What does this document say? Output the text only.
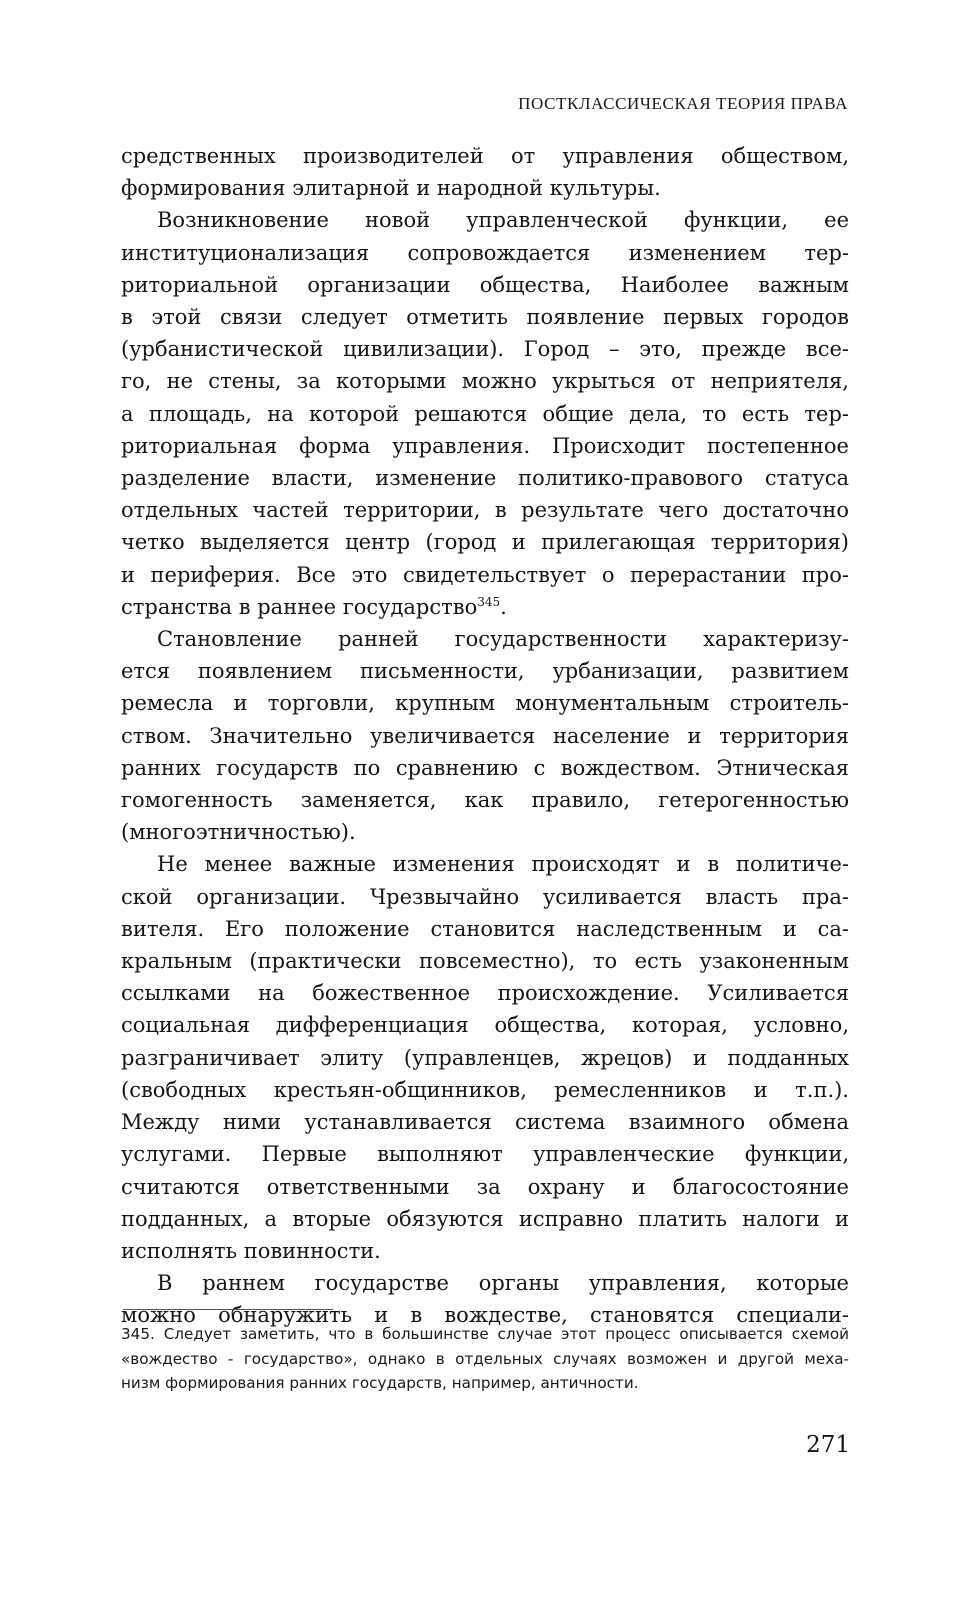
ПОСТКЛАССИЧЕСКАЯ ТЕОРИЯ ПРАВА
средственных производителей от управления обществом,
формирования элитарной и народной культуры.
Возникновение новой управленческой функции, ее
институционализация сопровождается изменением тер-
риториальной организации общества, Наиболее важным
в этой связи следует отметить появление первых городов
(урбанистической цивилизации). Город – это, прежде все-
го, не стены, за которыми можно укрыться от неприятеля,
а площадь, на которой решаются общие дела, то есть тер-
риториальная форма управления. Происходит постепенное
разделение власти, изменение политико-правового статуса
отдельных частей территории, в результате чего достаточно
четко выделяется центр (город и прилегающая территория)
и периферия. Все это свидетельствует о перерастании про-
странства в раннее государство$^{345}$.
Становление ранней государственности характеризу-
ется появлением письменности, урбанизации, развитием
ремесла и торговли, крупным монументальным строитель-
ством. Значительно увеличивается население и территория
ранних государств по сравнению с вождеством. Этническая
гомогенность заменяется, как правило, гетерогенностью
(многоэтничностью).
Не менее важные изменения происходят и в политиче-
ской организации. Чрезвычайно усиливается власть пра-
вителя. Его положение становится наследственным и са-
кральным (практически повсеместно), то есть узаконенным
ссылками на божественное происхождение. Усиливается
социальная дифференциация общества, которая, условно,
разграничивает элиту (управленцев, жрецов) и подданных
(свободных крестьян-общинников, ремесленников и т.п.).
Между ними устанавливается система взаимного обмена
услугами. Первые выполняют управленческие функции,
считаются ответственными за охрану и благосостояние
подданных, а вторые обязуются исправно платить налоги и
исполнять повинности.
В раннем государстве органы управления, которые
можно обнаружить и в вождестве, становятся специали-
345. Следует заметить, что в большинстве случае этот процесс описывается схемой
«вождество - государство», однако в отдельных случаях возможен и другой меха-
низм формирования ранних государств, например, античности.
271
